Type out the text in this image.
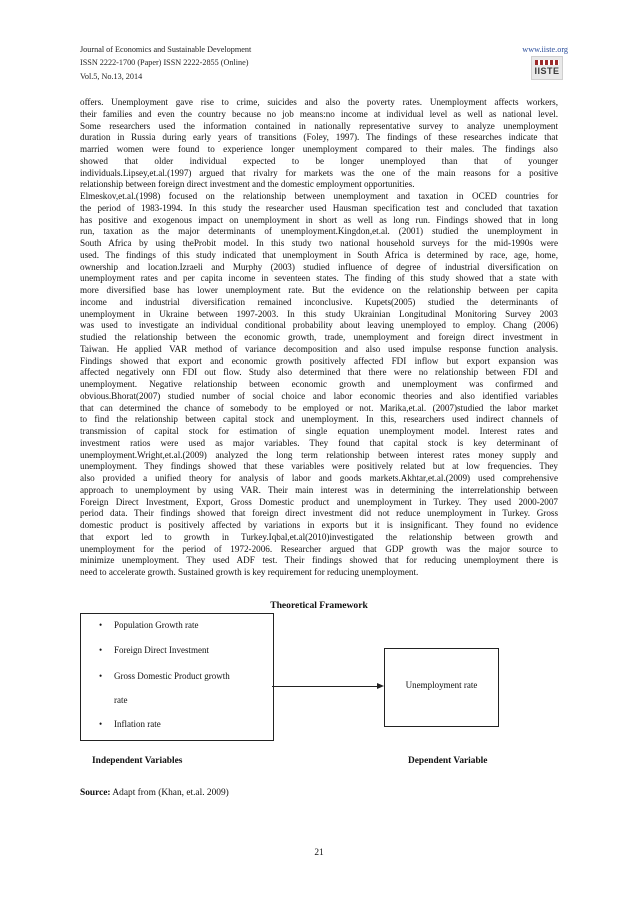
Journal of Economics and Sustainable Development
ISSN 2222-1700 (Paper) ISSN 2222-2855 (Online)
Vol.5, No.13, 2014
www.iiste.org
IISTE

offers. Unemployment gave rise to crime, suicides and also the poverty rates. Unemployment affects workers,

their families and even the country because no job means:no income at individual level as well as national level.

Some researchers used the information contained in nationally representative survey to analyze unemployment

duration in Russia during early years of transitions (Foley, 1997). The findings of these researches indicate that

married women were found to experience longer unemployment compared to their males. The findings also

showed that older individual expected to be longer unemployed than that of younger

individuals.Lipsey,et.al.(1997) argued that rivalry for markets was the one of the main reasons for a positive

relationship between foreign direct investment and the domestic employment opportunities.

Elmeskov,et.al.(1998) focused on the relationship between unemployment and taxation in OCED countries for

the period of 1983-1994. In this study the researcher used Hausman specification test and concluded that taxation

has positive and exogenous impact on unemployment in short as well as long run. Findings showed that in long

run, taxation as the major determinants of unemployment.Kingdon,et.al. (2001) studied the unemployment in

South Africa by using theProbit model. In this study two national household surveys for the mid-1990s were

used. The findings of this study indicated that unemployment in South Africa is determined by race, age, home,

ownership and location.Izraeli and Murphy (2003) studied influence of degree of industrial diversification on

unemployment rates and per capita income in seventeen states. The finding of this study showed that a state with

more diversified base has lower unemployment rate. But the evidence on the relationship between per capita

income and industrial diversification remained inconclusive. Kupets(2005) studied the determinants of

unemployment in Ukraine between 1997-2003. In this study Ukrainian Longitudinal Monitoring Survey 2003

was used to investigate an individual conditional probability about leaving unemployed to employ. Chang (2006)

studied the relationship between the economic growth, trade, unemployment and foreign direct investment in

Taiwan. He applied VAR method of variance decomposition and also used impulse response function analysis.

Findings showed that export and economic growth positively affected FDI inflow but export expansion was

affected negatively onn FDI out flow. Study also determined that there were no relationship between FDI and

unemployment. Negative relationship between economic growth and unemployment was confirmed and

obvious.Bhorat(2007) studied number of social choice and labor economic theories and also identified variables

that can determined the chance of somebody to be employed or not. Marika,et.al. (2007)studied the labor market

to find the relationship between capital stock and unemployment. In this, researchers used indirect channels of

transmission of capital stock for estimation of single equation unemployment model. Interest rates and

investment ratios were used as major variables. They found that capital stock is key determinant of

unemployment.Wright,et.al.(2009) analyzed the long term relationship between interest rates money supply and

unemployment. They findings showed that these variables were positively related but at low frequencies. They

also provided a unified theory for analysis of labor and goods markets.Akhtar,et.al.(2009) used comprehensive

approach to unemployment by using VAR. Their main interest was in determining the interrelationship between

Foreign Direct Investment, Export, Gross Domestic product and unemployment in Turkey. They used 2000-2007

period data. Their findings showed that foreign direct investment did not reduce unemployment in Turkey. Gross

domestic product is positively affected by variations in exports but it is insignificant. They found no evidence

that export led to growth in Turkey.Iqbal,et.al(2010)investigated the relationship between growth and

unemployment for the period of 1972-2006. Researcher argued that GDP growth was the major source to

minimize unemployment. They used ADF test. Their findings showed that for reducing unemployment there is

need to accelerate growth. Sustained growth is key requirement for reducing unemployment.

Theoretical Framework
• Population Growth rate
• Foreign Direct Investment
• Gross Domestic Product growth
rate
• Inflation rate
Unemployment rate
Independent Variables	Dependent Variable
Source: Adapt from (Khan, et.al. 2009)
21
